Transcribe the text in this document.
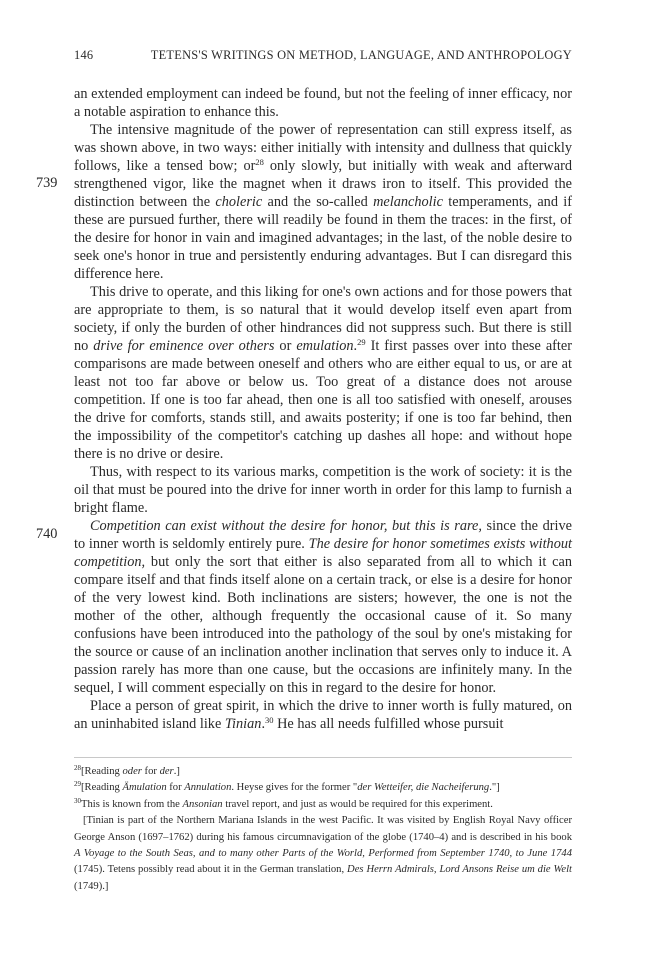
146	TETENS'S WRITINGS ON METHOD, LANGUAGE, AND ANTHROPOLOGY
739
740

an extended employment can indeed be found, but not the feeling of inner efficacy, nor a notable aspiration to enhance this.

The intensive magnitude of the power of representation can still express itself, as was shown above, in two ways: either initially with intensity and dullness that quickly follows, like a tensed bow; $or^{28}$ only slowly, but initially with weak and afterward strengthened vigor, like the magnet when it draws iron to itself. This provided the distinction between the choleric and the so-called melancholic temperaments, and if these are pursued further, there will readily be found in them the traces: in the first, of the desire for honor in vain and imagined advantages; in the last, of the noble desire to seek one's honor in true and persistently enduring advantages. But I can disregard this difference here.

This drive to operate, and this liking for one's own actions and for those powers that are appropriate to them, is so natural that it would develop itself even apart from society, if only the burden of other hindrances did not suppress such. But there is still no drive for eminence over others or emulation.$^{29}$ It first passes over into these after comparisons are made between oneself and others who are either equal to us, or are at least not too far above or below us. Too great of a distance does not arouse competition. If one is too far ahead, then one is all too satisfied with oneself, arouses the drive for comforts, stands still, and awaits posterity; if one is too far behind, then the impossibility of the competitor's catching up dashes all hope: and without hope there is no drive or desire.

Thus, with respect to its various marks, competition is the work of society: it is the oil that must be poured into the drive for inner worth in order for this lamp to furnish a bright flame.

Competition can exist without the desire for honor, but this is rare, since the drive to inner worth is seldomly entirely pure. The desire for honor sometimes exists without competition, but only the sort that either is also separated from all to which it can compare itself and that finds itself alone on a certain track, or else is a desire for honor of the very lowest kind. Both inclinations are sisters; however, the one is not the mother of the other, although frequently the occasional cause of it. So many confusions have been introduced into the pathology of the soul by one's mistaking for the source or cause of an inclination another inclination that serves only to induce it. A passion rarely has more than one cause, but the occasions are infinitely many. In the sequel, I will comment especially on this in regard to the desire for honor.

Place a person of great spirit, in which the drive to inner worth is fully matured, on an uninhabited island like Tinian.$^{30}$ He has all needs fulfilled whose pursuit

$^{28}$[Reading oder for der.]

$^{29}$[Reading Ämulation for Annulation. Heyse gives for the former "der Wetteifer, die Nacheiferung."]

$^{30}$This is known from the Ansonian travel report, and just as would be required for this experiment.

[Tinian is part of the Northern Mariana Islands in the west Pacific. It was visited by English Royal Navy officer George Anson (1697–1762) during his famous circumnavigation of the globe (1740–4) and is described in his book A Voyage to the South Seas, and to many other Parts of the World, Performed from September 1740, to June 1744 (1745). Tetens possibly read about it in the German translation, Des Herrn Admirals, Lord Ansons Reise um die Welt (1749).]
